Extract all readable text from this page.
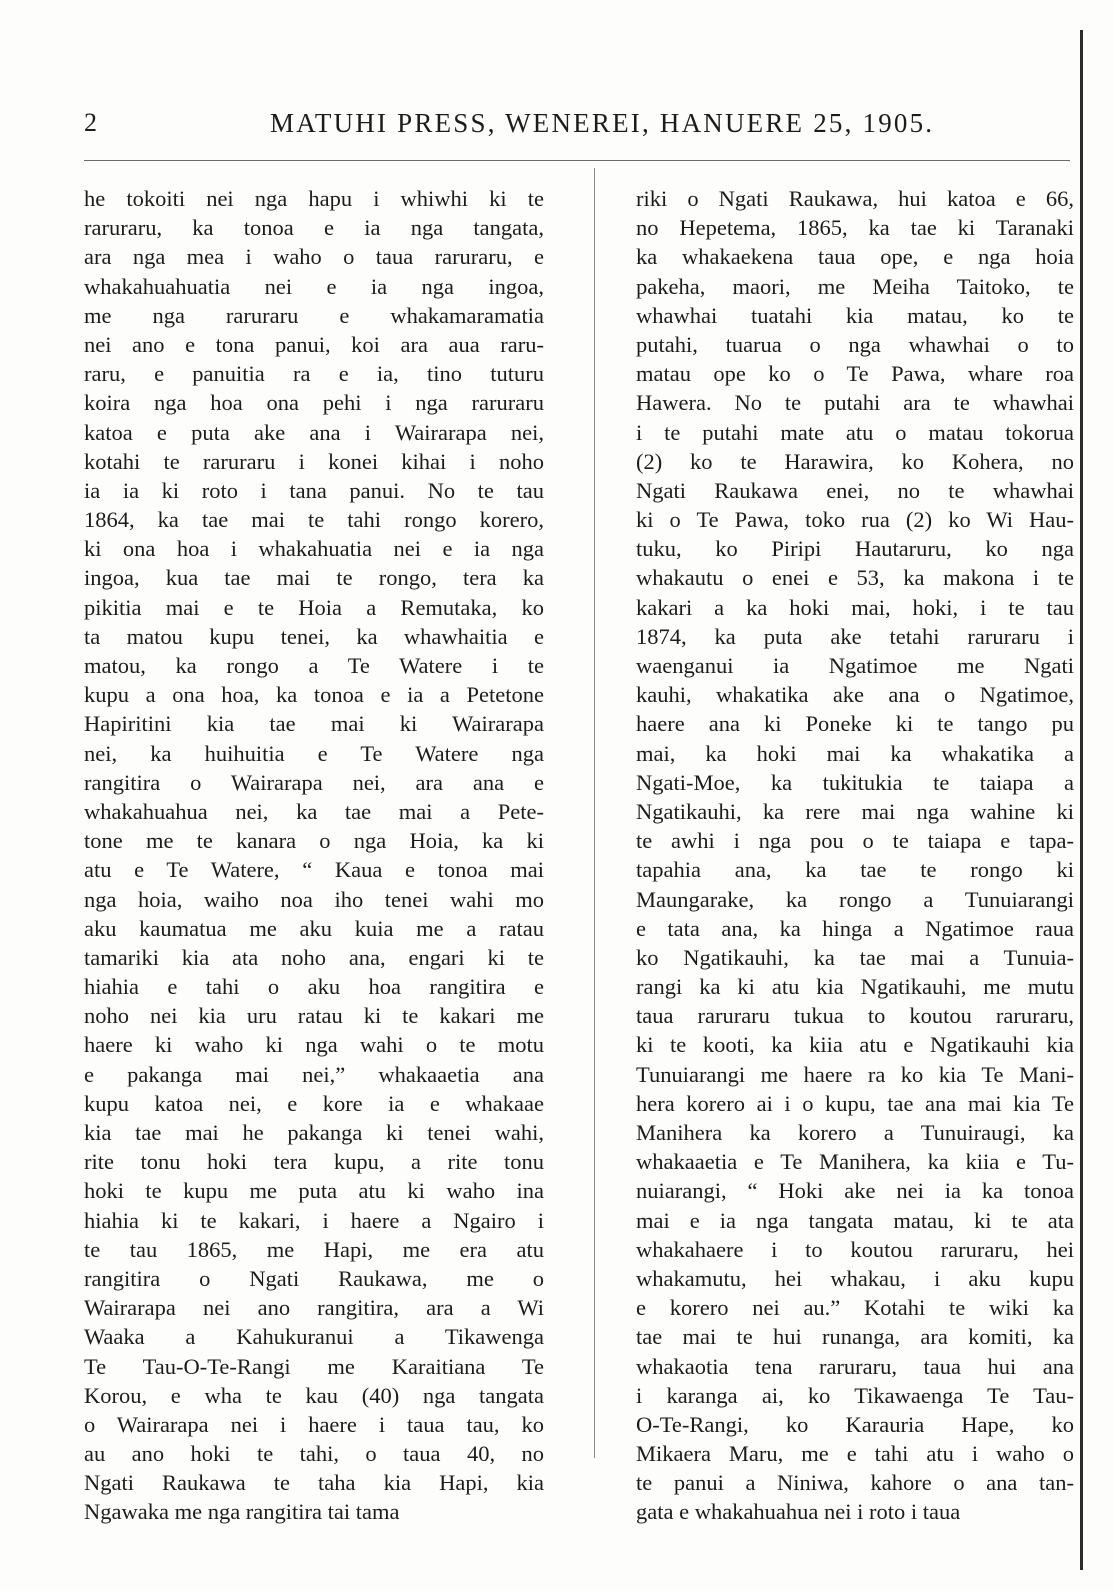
2	MATUHI PRESS, WENEREI, HANUERE 25, 1905.
he tokoiti nei nga hapu i whiwhi ki te
raruraru, ka tonoa e ia nga tangata,
ara nga mea i waho o taua raruraru, e
whakahuahuatia nei e ia nga ingoa,
me nga raruraru e whakamaramatia
nei ano e tona panui, koi ara aua raru-
raru, e panuitia ra e ia, tino tuturu
koira nga hoa ona pehi i nga raruraru
katoa e puta ake ana i Wairarapa nei,
kotahi te raruraru i konei kihai i noho
ia ia ki roto i tana panui. No te tau
1864, ka tae mai te tahi rongo korero,
ki ona hoa i whakahuatia nei e ia nga
ingoa, kua tae mai te rongo, tera ka
pikitia mai e te Hoia a Remutaka, ko
ta matou kupu tenei, ka whawhaitia e
matou, ka rongo a Te Watere i te
kupu a ona hoa, ka tonoa e ia a Petetone
Hapiritini kia tae mai ki Wairarapa
nei, ka huihuitia e Te Watere nga
rangitira o Wairarapa nei, ara ana e
whakahuahua nei, ka tae mai a Pete-
tone me te kanara o nga Hoia, ka ki
atu e Te Watere, “ Kaua e tonoa mai
nga hoia, waiho noa iho tenei wahi mo
aku kaumatua me aku kuia me a ratau
tamariki kia ata noho ana, engari ki te
hiahia e tahi o aku hoa rangitira e
noho nei kia uru ratau ki te kakari me
haere ki waho ki nga wahi o te motu
e pakanga mai nei,” whakaaetia ana
kupu katoa nei, e kore ia e whakaae
kia tae mai he pakanga ki tenei wahi,
rite tonu hoki tera kupu, a rite tonu
hoki te kupu me puta atu ki waho ina
hiahia ki te kakari, i haere a Ngairo i
te tau 1865, me Hapi, me era atu
rangitira o Ngati Raukawa, me o
Wairarapa nei ano rangitira, ara a Wi
Waaka a Kahukuranui a Tikawenga
Te Tau-O-Te-Rangi me Karaitiana Te
Korou, e wha te kau (40) nga tangata
o Wairarapa nei i haere i taua tau, ko
au ano hoki te tahi, o taua 40, no
Ngati Raukawa te taha kia Hapi, kia
Ngawaka me nga rangitira tai tama
riki o Ngati Raukawa, hui katoa e 66,
no Hepetema, 1865, ka tae ki Taranaki
ka whakaekena taua ope, e nga hoia
pakeha, maori, me Meiha Taitoko, te
whawhai tuatahi kia matau, ko te
putahi, tuarua o nga whawhai o to
matau ope ko o Te Pawa, whare roa
Hawera. No te putahi ara te whawhai
i te putahi mate atu o matau tokorua
(2) ko te Harawira, ko Kohera, no
Ngati Raukawa enei, no te whawhai
ki o Te Pawa, toko rua (2) ko Wi Hau-
tuku, ko Piripi Hautaruru, ko nga
whakautu o enei e 53, ka makona i te
kakari a ka hoki mai, hoki, i te tau
1874, ka puta ake tetahi raruraru i
waenganui ia Ngatimoe me Ngati
kauhi, whakatika ake ana o Ngatimoe,
haere ana ki Poneke ki te tango pu
mai, ka hoki mai ka whakatika a
Ngati-Moe, ka tukitukia te taiapa a
Ngatikauhi, ka rere mai nga wahine ki
te awhi i nga pou o te taiapa e tapa-
tapahia ana, ka tae te rongo ki
Maungarake, ka rongo a Tunuiarangi
e tata ana, ka hinga a Ngatimoe raua
ko Ngatikauhi, ka tae mai a Tunuia-
rangi ka ki atu kia Ngatikauhi, me mutu
taua raruraru tukua to koutou raruraru,
ki te kooti, ka kiia atu e Ngatikauhi kia
Tunuiarangi me haere ra ko kia Te Mani-
hera korero ai i o kupu, tae ana mai kia Te
Manihera ka korero a Tunuiraugi, ka
whakaaetia e Te Manihera, ka kiia e Tu-
nuiarangi, “ Hoki ake nei ia ka tonoa
mai e ia nga tangata matau, ki te ata
whakahaere i to koutou raruraru, hei
whakamutu, hei whakau, i aku kupu
e korero nei au.” Kotahi te wiki ka
tae mai te hui runanga, ara komiti, ka
whakaotia tena raruraru, taua hui ana
i karanga ai, ko Tikawaenga Te Tau-
O-Te-Rangi, ko Karauria Hape, ko
Mikaera Maru, me e tahi atu i waho o
te panui a Niniwa, kahore o ana tan-
gata e whakahuahua nei i roto i taua
